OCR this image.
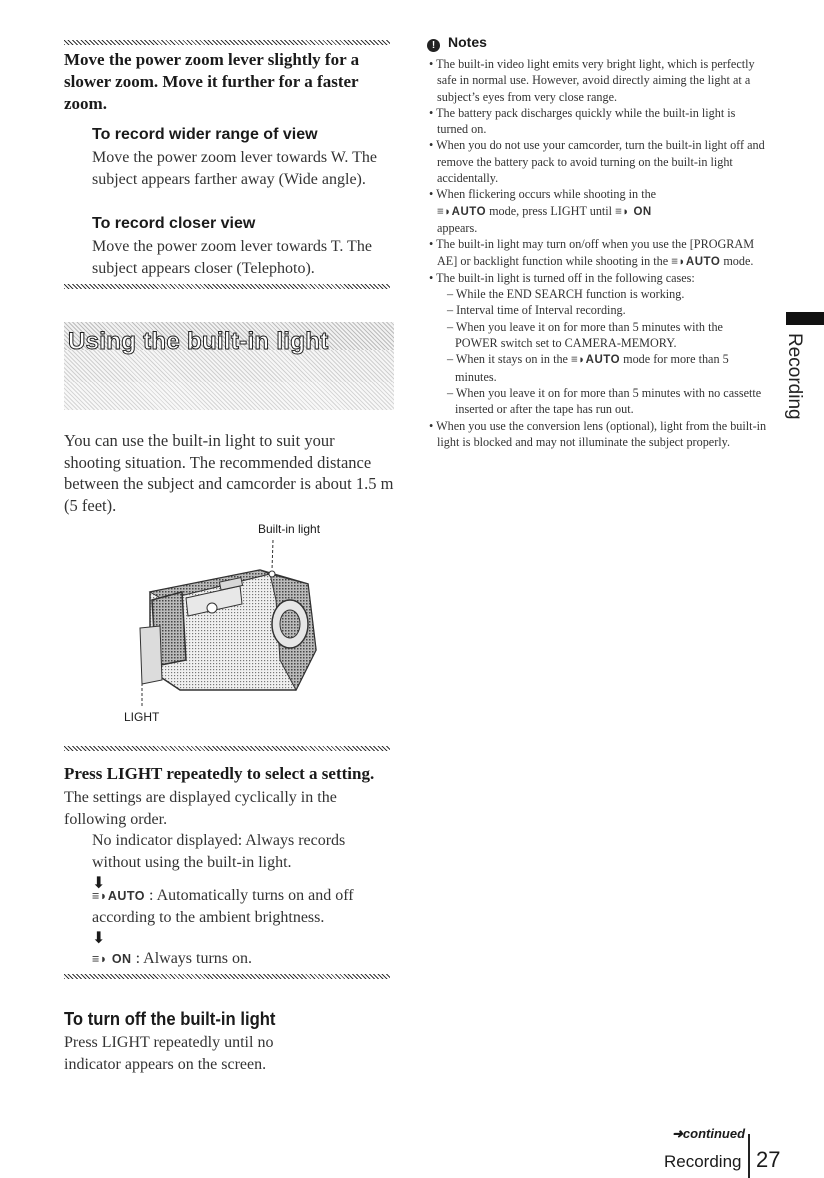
Move the power zoom lever slightly for a slower zoom. Move it further for a faster zoom.
To record wider range of view
Move the power zoom lever towards W. The subject appears farther away (Wide angle).
To record closer view
Move the power zoom lever towards T. The subject appears closer (Telephoto).
Using the built-in light
You can use the built-in light to suit your shooting situation. The recommended distance between the subject and camcorder is about 1.5 m (5 feet).
Built-in light
LIGHT
Press LIGHT repeatedly to select a setting.
The settings are displayed cyclically in the following order.
No indicator displayed: Always records without using the built-in light.
⬇
≡◗AUTO : Automatically turns on and off according to the ambient brightness.
⬇
≡◗ ON : Always turns on.
To turn off the built-in light
Press LIGHT repeatedly until no indicator appears on the screen.
! Notes
• The built-in video light emits very bright light, which is perfectly safe in normal use. However, avoid directly aiming the light at a subject’s eyes from very close range.
• The battery pack discharges quickly while the built-in light is turned on.
• When you do not use your camcorder, turn the built-in light off and remove the battery pack to avoid turning on the built-in light accidentally.
• When flickering occurs while shooting in the
≡◗AUTO mode, press LIGHT until ≡◗ ON
appears.
• The built-in light may turn on/off when you use the [PROGRAM AE] or backlight function while shooting in the ≡◗AUTO mode.
• The built-in light is turned off in the following cases:
– While the END SEARCH function is working.
– Interval time of Interval recording.
– When you leave it on for more than 5 minutes with the POWER switch set to CAMERA-MEMORY.
– When it stays on in the ≡◗AUTO mode for more than 5 minutes.
– When you leave it on for more than 5 minutes with no cassette inserted or after the tape has run out.
• When you use the conversion lens (optional), light from the built-in light is blocked and may not illuminate the subject properly.
Recording
➜continued
Recording 27
